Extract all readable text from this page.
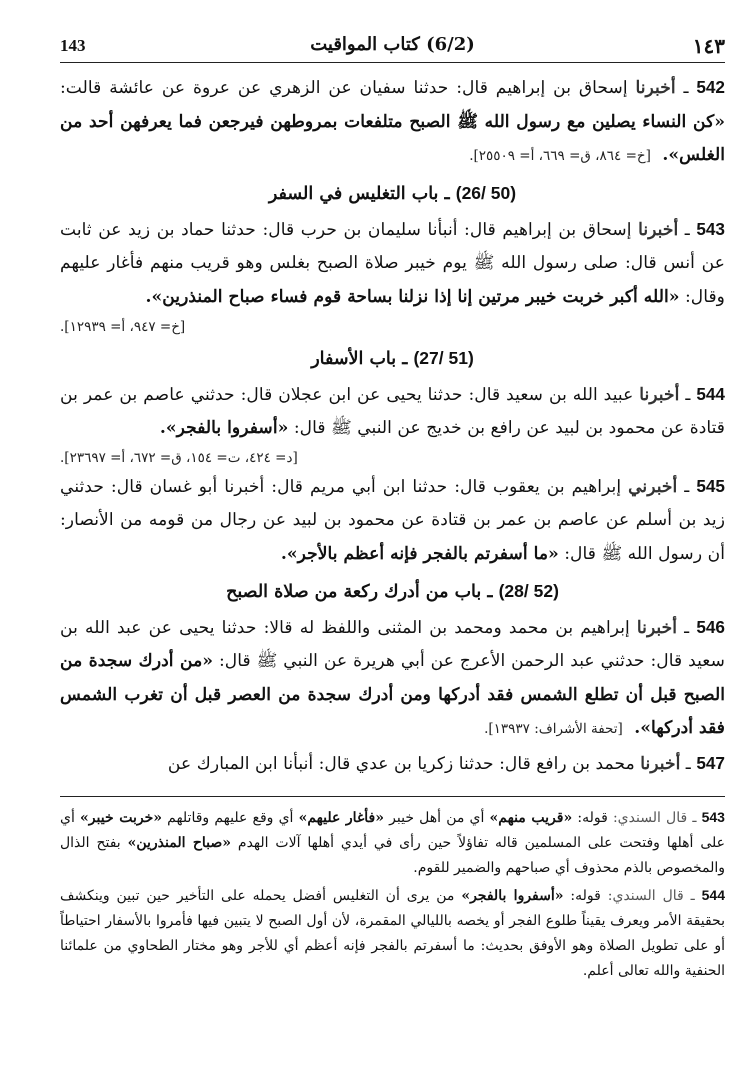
١٤٣
(6/2) كتاب المواقيت
143

542 ـ أخبرنا إسحاق بن إبراهيم قال: حدثنا سفيان عن الزهري عن عروة عن عائشة قالت: «كن النساء يصلين مع رسول الله ﷺ الصبح متلفعات بمروطهن فيرجعن فما يعرفهن أحد من الغلس». [خ= ٨٦٤، ق= ٦٦٩، أ= ٢٥٥٠٩].

(50 /26) ـ باب التغليس في السفر

543 ـ أخبرنا إسحاق بن إبراهيم قال: أنبأنا سليمان بن حرب قال: حدثنا حماد بن زيد عن ثابت عن أنس قال: صلى رسول الله ﷺ يوم خيبر صلاة الصبح بغلس وهو قريب منهم فأغار عليهم وقال: «الله أكبر خربت خيبر مرتين إنا إذا نزلنا بساحة قوم فساء صباح المنذرين».

[خ= ٩٤٧، أ= ١٢٩٣٩].
(51 /27) ـ باب الأسفار

544 ـ أخبرنا عبيد الله بن سعيد قال: حدثنا يحيى عن ابن عجلان قال: حدثني عاصم بن عمر بن قتادة عن محمود بن لبيد عن رافع بن خديج عن النبي ﷺ قال: «أسفروا بالفجر».

[د= ٤٢٤، ت= ١٥٤، ق= ٦٧٢، أ= ٢٣٦٩٧].

545 ـ أخبرني إبراهيم بن يعقوب قال: حدثنا ابن أبي مريم قال: أخبرنا أبو غسان قال: حدثني زيد بن أسلم عن عاصم بن عمر بن قتادة عن محمود بن لبيد عن رجال من قومه من الأنصار: أن رسول الله ﷺ قال: «ما أسفرتم بالفجر فإنه أعظم بالأجر».

(52 /28) ـ باب من أدرك ركعة من صلاة الصبح

546 ـ أخبرنا إبراهيم بن محمد ومحمد بن المثنى واللفظ له قالا: حدثنا يحيى عن عبد الله بن سعيد قال: حدثني عبد الرحمن الأعرج عن أبي هريرة عن النبي ﷺ قال: «من أدرك سجدة من الصبح قبل أن تطلع الشمس فقد أدركها ومن أدرك سجدة من العصر قبل أن تغرب الشمس فقد أدركها». [تحفة الأشراف: ١٣٩٣٧].

547 ـ أخبرنا محمد بن رافع قال: حدثنا زكريا بن عدي قال: أنبأنا ابن المبارك عن

543 ـ قال السندي: قوله: «قريب منهم» أي من أهل خيبر «فأغار عليهم» أي وقع عليهم وقاتلهم «خربت خيبر» أي على أهلها وفتحت على المسلمين قاله تفاؤلاً حين رأى في أيدي أهلها آلات الهدم «صباح المنذرين» بفتح الذال والمخصوص بالذم محذوف أي صباحهم والضمير للقوم.

544 ـ قال السندي: قوله: «أسفروا بالفجر» من يرى أن التغليس أفضل يحمله على التأخير حين تبين وينكشف بحقيقة الأمر ويعرف يقيناً طلوع الفجر أو يخصه بالليالي المقمرة، لأن أول الصبح لا يتبين فيها فأمروا بالأسفار احتياطاً أو على تطويل الصلاة وهو الأوفق بحديث: ما أسفرتم بالفجر فإنه أعظم أي للأجر وهو مختار الطحاوي من علمائنا الحنفية والله تعالى أعلم.
